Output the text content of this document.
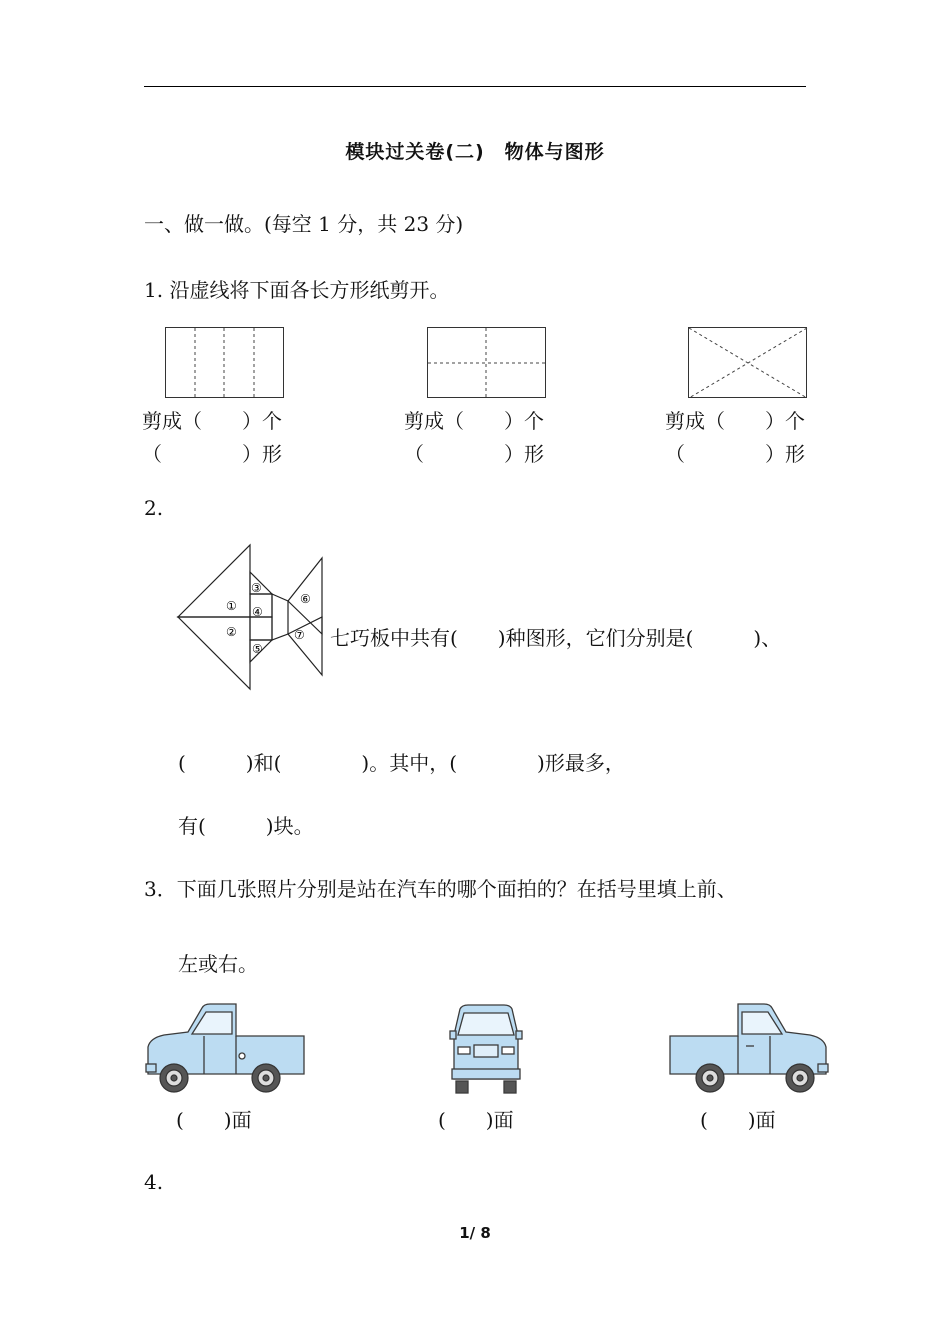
模块过关卷(二)　物体与图形
一、做一做。(每空 1 分，共 23 分)
1. 沿虚线将下面各长方形纸剪开。
剪成（　　）个
（　　　　）形
剪成（　　）个
（　　　　）形
剪成（　　）个
（　　　　）形
2.
①
②
③
④
⑤
⑥
⑦ 七巧板中共有(　　)种图形，它们分别是(　　　)、
(　　　)和(　　　　)。其中，(　　　　)形最多，
有(　　　)块。
3．下面几张照片分别是站在汽车的哪个面拍的？在括号里填上前、
左或右。
(　　)面	(　　)面	(　　)面
4.
1/ 8
